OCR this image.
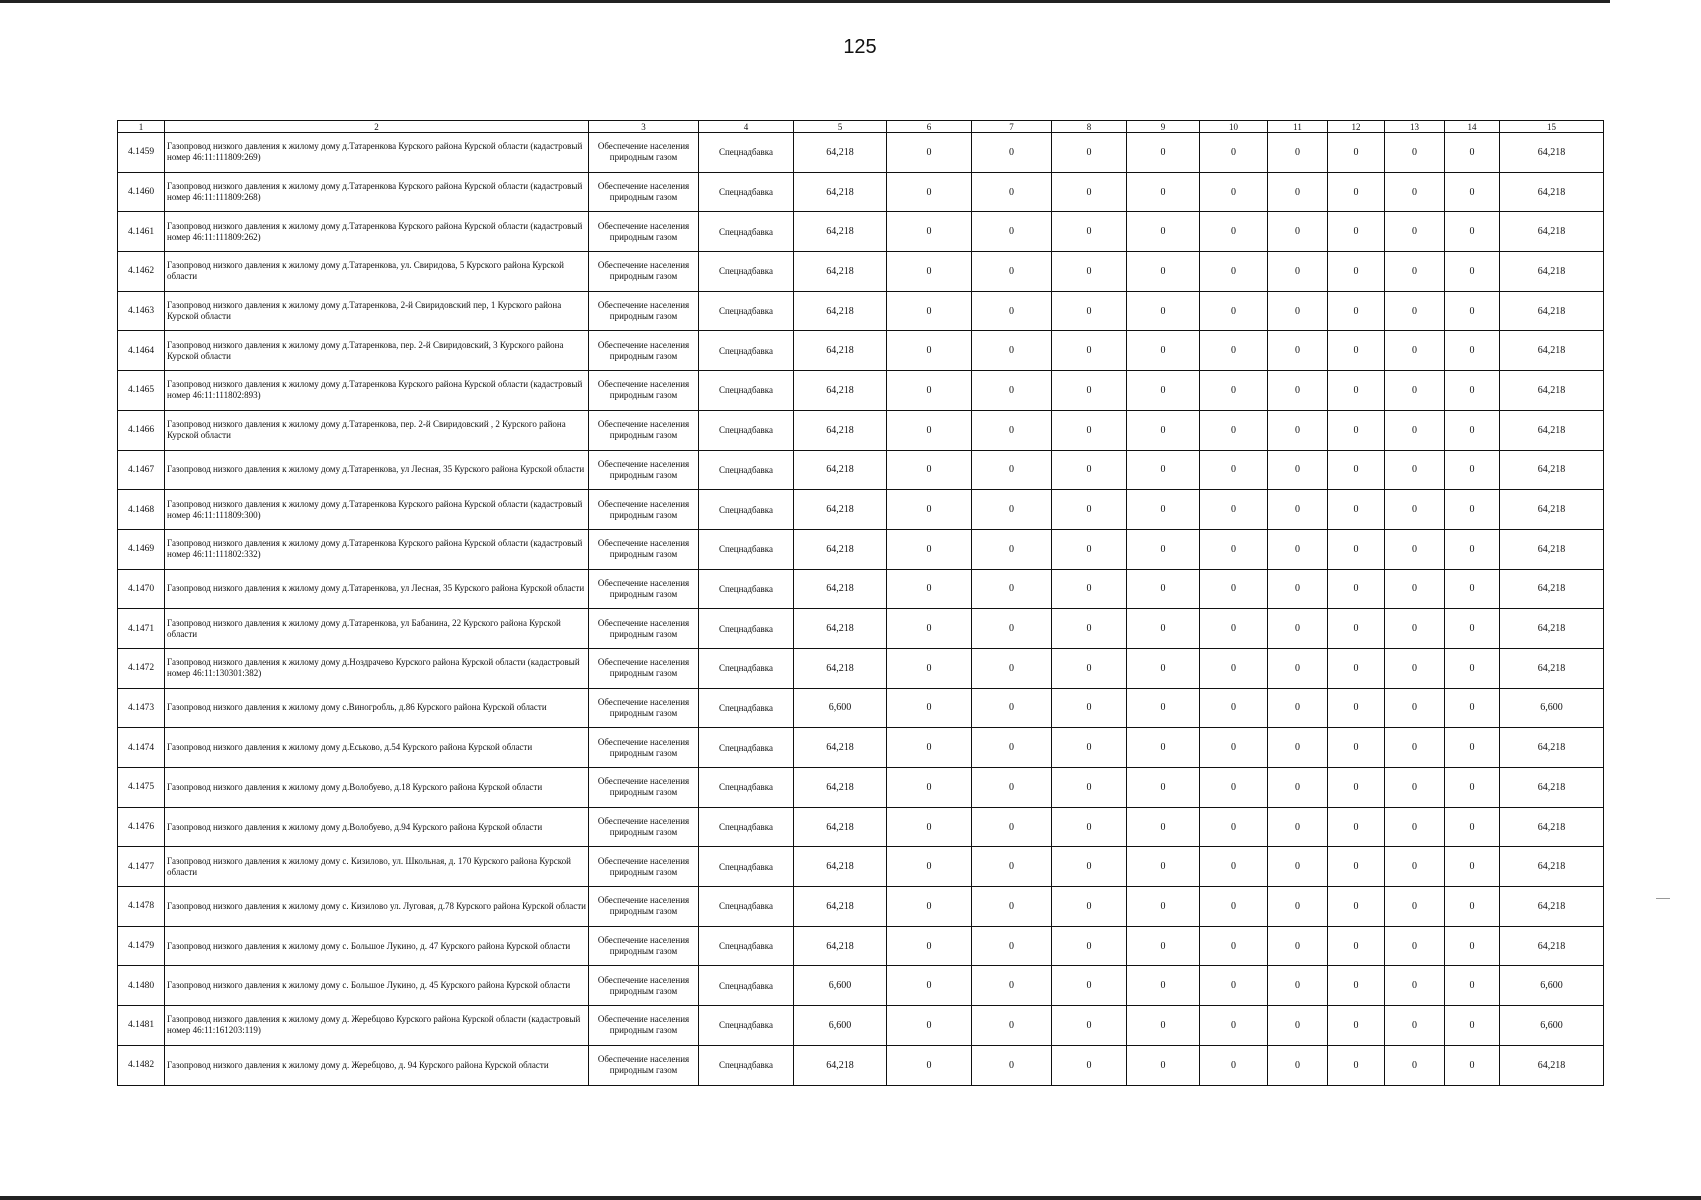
125
1	2	3	4	5	6	7	8	9	10	11	12	13	14	15
4.1459	Газопровод низкого давления к жилому дому д.Татаренкова Курского района Курской области (кадастровый номер 46:11:111809:269)	Обеспечение населения природным газом	Спецнадбавка	64,218	0	0	0	0	0	0	0	0	0	64,218
4.1460	Газопровод низкого давления к жилому дому д.Татаренкова Курского района Курской области (кадастровый номер 46:11:111809:268)	Обеспечение населения природным газом	Спецнадбавка	64,218	0	0	0	0	0	0	0	0	0	64,218
4.1461	Газопровод низкого давления к жилому дому д.Татаренкова Курского района Курской области (кадастровый номер 46:11:111809:262)	Обеспечение населения природным газом	Спецнадбавка	64,218	0	0	0	0	0	0	0	0	0	64,218
4.1462	Газопровод низкого давления к жилому дому д.Татаренкова, ул. Свиридова, 5 Курского района Курской области	Обеспечение населения природным газом	Спецнадбавка	64,218	0	0	0	0	0	0	0	0	0	64,218
4.1463	Газопровод низкого давления к жилому дому д.Татаренкова, 2-й Свиридовский пер, 1 Курского района Курской области	Обеспечение населения природным газом	Спецнадбавка	64,218	0	0	0	0	0	0	0	0	0	64,218
4.1464	Газопровод низкого давления к жилому дому д.Татаренкова, пер. 2-й Свиридовский, 3 Курского района Курской области	Обеспечение населения природным газом	Спецнадбавка	64,218	0	0	0	0	0	0	0	0	0	64,218
4.1465	Газопровод низкого давления к жилому дому д.Татаренкова Курского района Курской области (кадастровый номер 46:11:111802:893)	Обеспечение населения природным газом	Спецнадбавка	64,218	0	0	0	0	0	0	0	0	0	64,218
4.1466	Газопровод низкого давления к жилому дому д.Татаренкова, пер. 2-й Свиридовский , 2 Курского района Курской области	Обеспечение населения природным газом	Спецнадбавка	64,218	0	0	0	0	0	0	0	0	0	64,218
4.1467	Газопровод низкого давления к жилому дому д.Татаренкова, ул Лесная, 35 Курского района Курской области	Обеспечение населения природным газом	Спецнадбавка	64,218	0	0	0	0	0	0	0	0	0	64,218
4.1468	Газопровод низкого давления к жилому дому д.Татаренкова Курского района Курской области (кадастровый номер 46:11:111809:300)	Обеспечение населения природным газом	Спецнадбавка	64,218	0	0	0	0	0	0	0	0	0	64,218
4.1469	Газопровод низкого давления к жилому дому д.Татаренкова Курского района Курской области (кадастровый номер 46:11:111802:332)	Обеспечение населения природным газом	Спецнадбавка	64,218	0	0	0	0	0	0	0	0	0	64,218
4.1470	Газопровод низкого давления к жилому дому д.Татаренкова, ул Лесная, 35 Курского района Курской области	Обеспечение населения природным газом	Спецнадбавка	64,218	0	0	0	0	0	0	0	0	0	64,218
4.1471	Газопровод низкого давления к жилому дому д.Татаренкова, ул Бабанина, 22 Курского района Курской области	Обеспечение населения природным газом	Спецнадбавка	64,218	0	0	0	0	0	0	0	0	0	64,218
4.1472	Газопровод низкого давления к жилому дому д.Ноздрачево Курского района Курской области (кадастровый номер 46:11:130301:382)	Обеспечение населения природным газом	Спецнадбавка	64,218	0	0	0	0	0	0	0	0	0	64,218
4.1473	Газопровод низкого давления к жилому дому с.Виногробль, д.86 Курского района Курской области	Обеспечение населения природным газом	Спецнадбавка	6,600	0	0	0	0	0	0	0	0	0	6,600
4.1474	Газопровод низкого давления к жилому дому д.Еськово, д.54 Курского района Курской области	Обеспечение населения природным газом	Спецнадбавка	64,218	0	0	0	0	0	0	0	0	0	64,218
4.1475	Газопровод низкого давления к жилому дому д.Волобуево, д.18 Курского района Курской области	Обеспечение населения природным газом	Спецнадбавка	64,218	0	0	0	0	0	0	0	0	0	64,218
4.1476	Газопровод низкого давления к жилому дому д.Волобуево, д.94 Курского района Курской области	Обеспечение населения природным газом	Спецнадбавка	64,218	0	0	0	0	0	0	0	0	0	64,218
4.1477	Газопровод низкого давления к жилому дому с. Кизилово, ул. Школьная, д. 170 Курского района Курской области	Обеспечение населения природным газом	Спецнадбавка	64,218	0	0	0	0	0	0	0	0	0	64,218
4.1478	Газопровод низкого давления к жилому дому с. Кизилово ул. Луговая, д.78 Курского района Курской области	Обеспечение населения природным газом	Спецнадбавка	64,218	0	0	0	0	0	0	0	0	0	64,218
4.1479	Газопровод низкого давления к жилому дому с. Большое Лукино, д. 47 Курского района Курской области	Обеспечение населения природным газом	Спецнадбавка	64,218	0	0	0	0	0	0	0	0	0	64,218
4.1480	Газопровод низкого давления к жилому дому с. Большое Лукино, д. 45 Курского района Курской области	Обеспечение населения природным газом	Спецнадбавка	6,600	0	0	0	0	0	0	0	0	0	6,600
4.1481	Газопровод низкого давления к жилому дому д. Жеребцово Курского района Курской области (кадастровый номер 46:11:161203:119)	Обеспечение населения природным газом	Спецнадбавка	6,600	0	0	0	0	0	0	0	0	0	6,600
4.1482	Газопровод низкого давления к жилому дому д. Жеребцово, д. 94 Курского района Курской области	Обеспечение населения природным газом	Спецнадбавка	64,218	0	0	0	0	0	0	0	0	0	64,218
